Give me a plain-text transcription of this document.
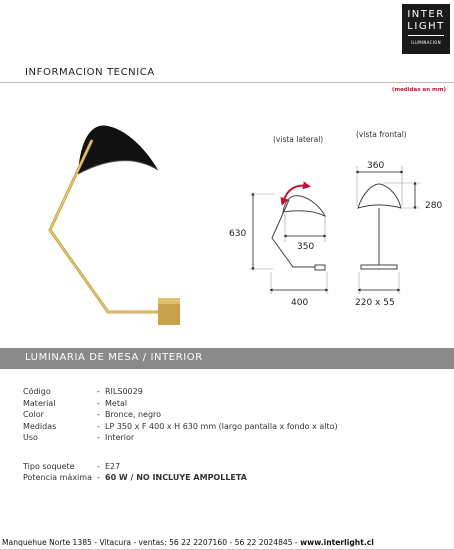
INTER
LIGHT
ILUMINACION
INFORMACION TECNICA
(medidas en mm)
(vista lateral)
(vista frontal)
630
350
400
360
280
220 x 55
LUMINARIA DE MESA / INTERIOR
Código	- RILS0029
Material	- Metal
Color	- Bronce, negro
Medidas	- LP 350 x F 400 x H 630 mm (largo pantalla x fondo x alto)
Uso	- Interior
Tipo soquete	- E27
Potencia máxima - 60 W / NO INCLUYE AMPOLLETA
Manquehue Norte 1385 - Vitacura - ventas: 56 22 2207160 - 56 22 2024845 - www.interlight.cl
